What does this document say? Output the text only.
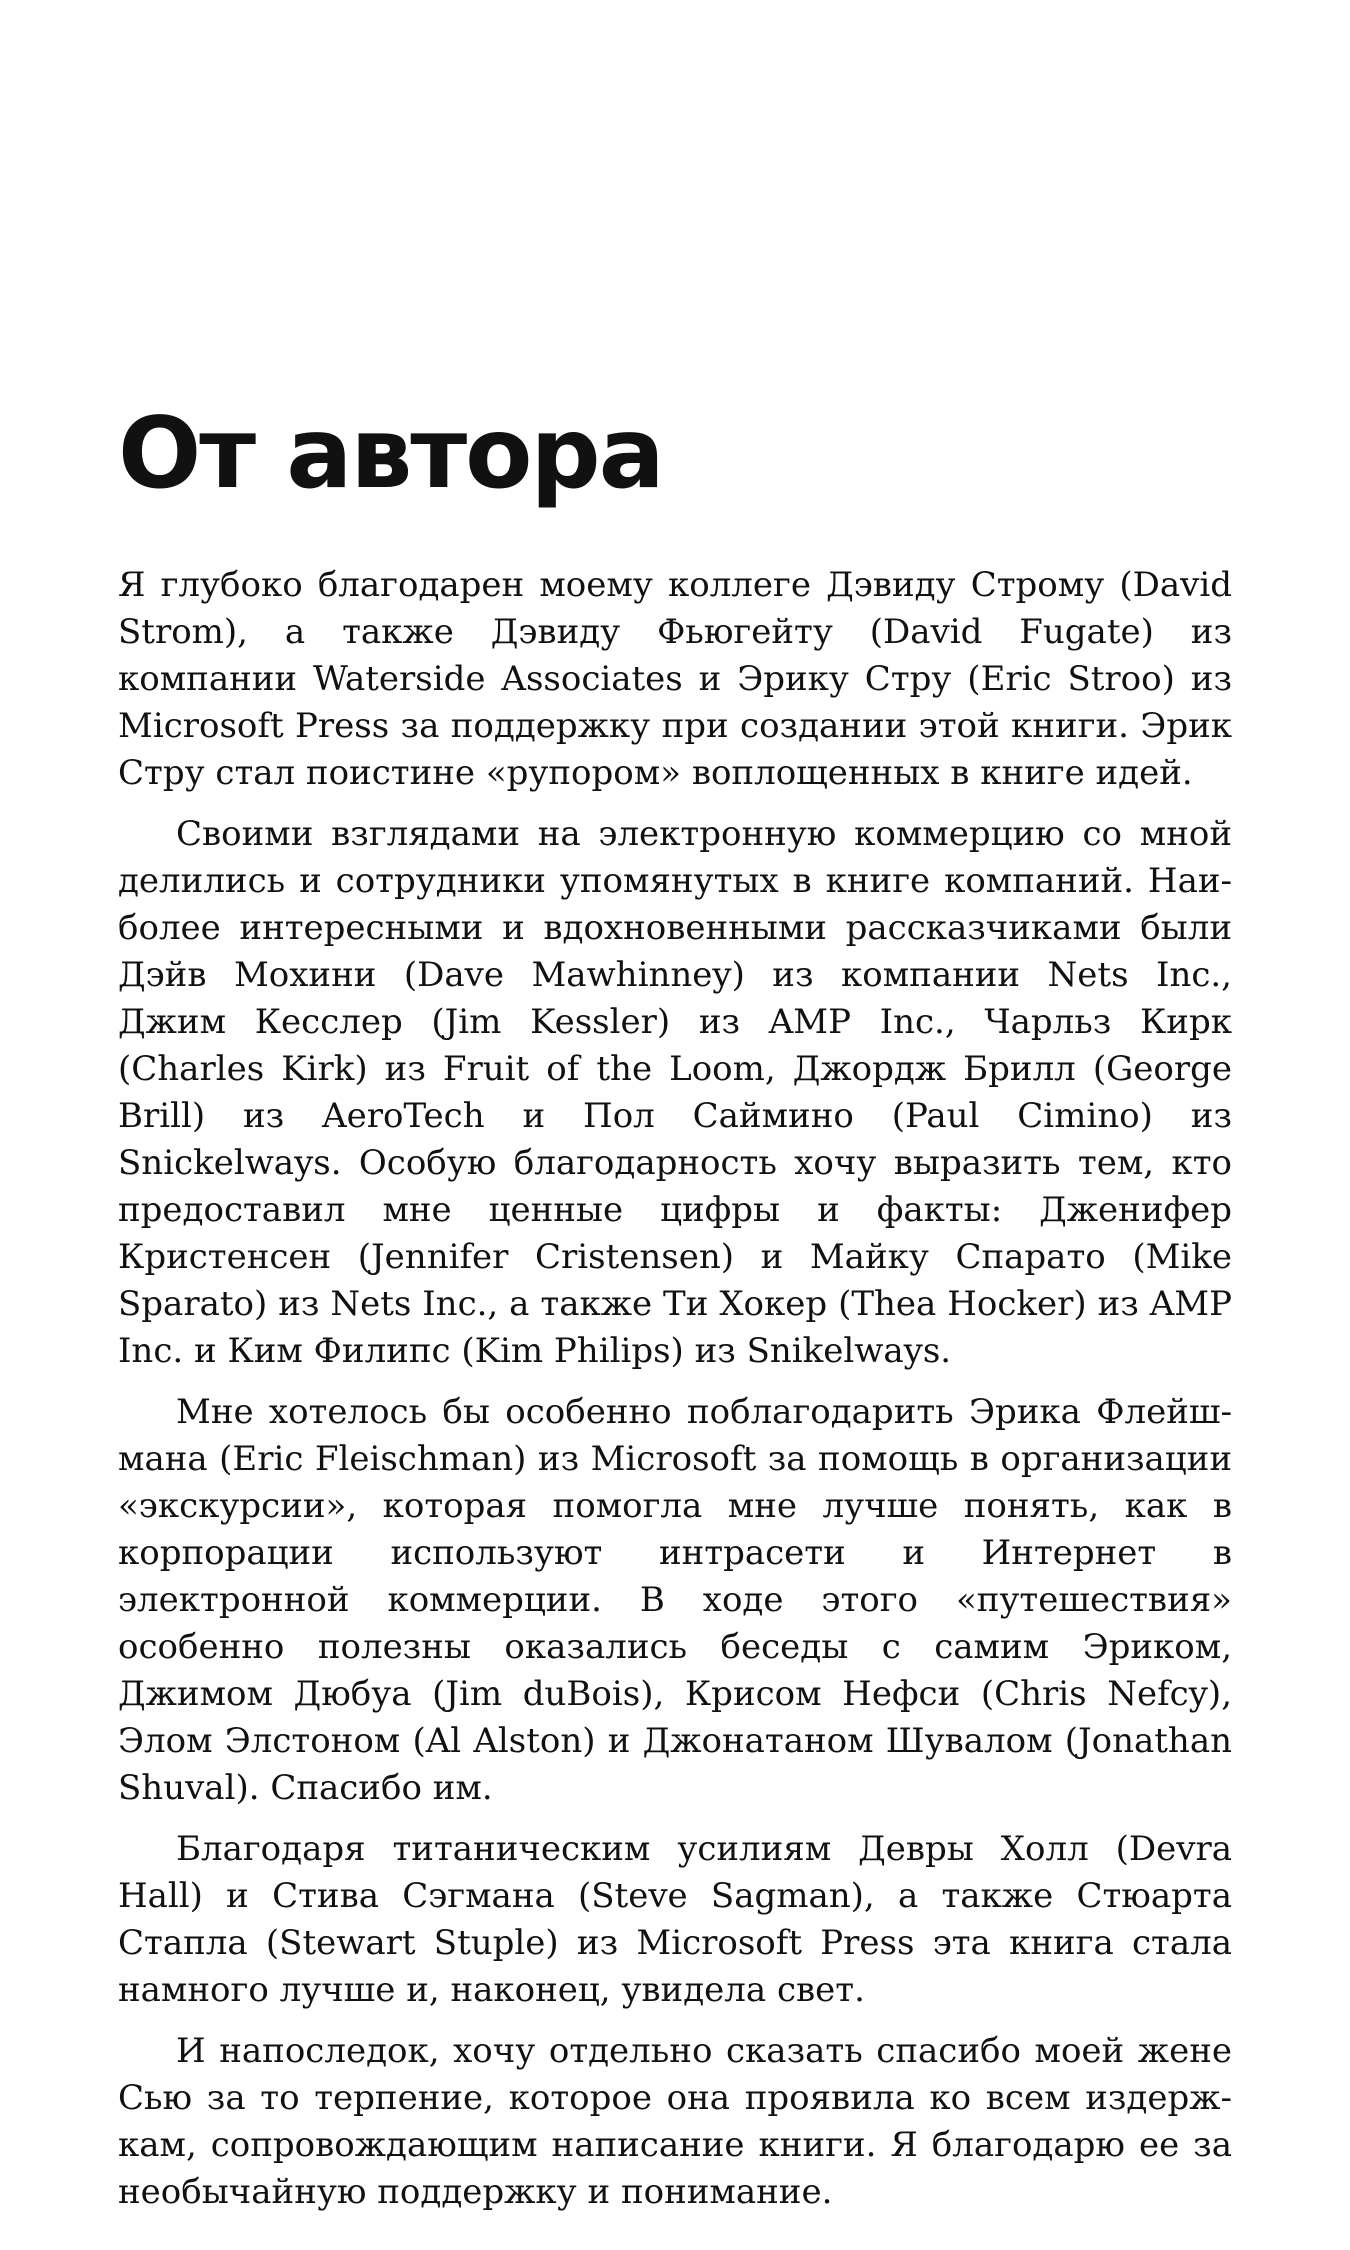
От автора

Я глубоко благодарен моему коллеге Дэвиду Строму (David Strom), а также Дэвиду Фьюгейту (David Fugate) из компании Waterside Associates и Эрику Стру (Eric Stroo) из Microsoft Press за поддержку при создании этой книги. Эрик Стру стал поистине «рупором» воплощенных в книге идей.

Своими взглядами на электронную коммерцию со мной делились и сотрудники упомянутых в книге компаний. Наиболее интересными и вдохновенными рассказчиками были Дэйв Мохини (Dave Mawhinney) из компании Nets Inc., Джим Кесслер (Jim Kessler) из AMP Inc., Чарльз Кирк (Charles Kirk) из Fruit of the Loom, Джордж Брилл (George Brill) из AeroTech и Пол Саймино (Paul Cimino) из Snickelways. Особую благодарность хочу выразить тем, кто предоставил мне ценные цифры и факты: Дженифер Кристенсен (Jennifer Cristensen) и Майку Спарато (Mike Sparato) из Nets Inc., а также Ти Хокер (Thea Hocker) из AMP Inc. и Ким Филипс (Kim Philips) из Snikelways.

Мне хотелось бы особенно поблагодарить Эрика Флейшмана (Eric Fleischman) из Microsoft за помощь в организации «экскурсии», которая помогла мне лучше понять, как в корпорации используют интрасети и Интернет в электронной коммерции. В ходе этого «путешествия» особенно полезны оказались беседы с самим Эриком, Джимом Дюбуа (Jim duBois), Крисом Нефси (Chris Nefcy), Элом Элстоном (Al Alston) и Джонатаном Шувалом (Jonathan Shuval). Спасибо им.

Благодаря титаническим усилиям Девры Холл (Devra Hall) и Стива Сэгмана (Steve Sagman), а также Стюарта Стапла (Stewart Stuple) из Microsoft Press эта книга стала намного лучше и, наконец, увидела свет.

И напоследок, хочу отдельно сказать спасибо моей жене Сью за то терпение, которое она проявила ко всем издержкам, сопровождающим написание книги. Я благодарю ее за необычайную поддержку и понимание.
